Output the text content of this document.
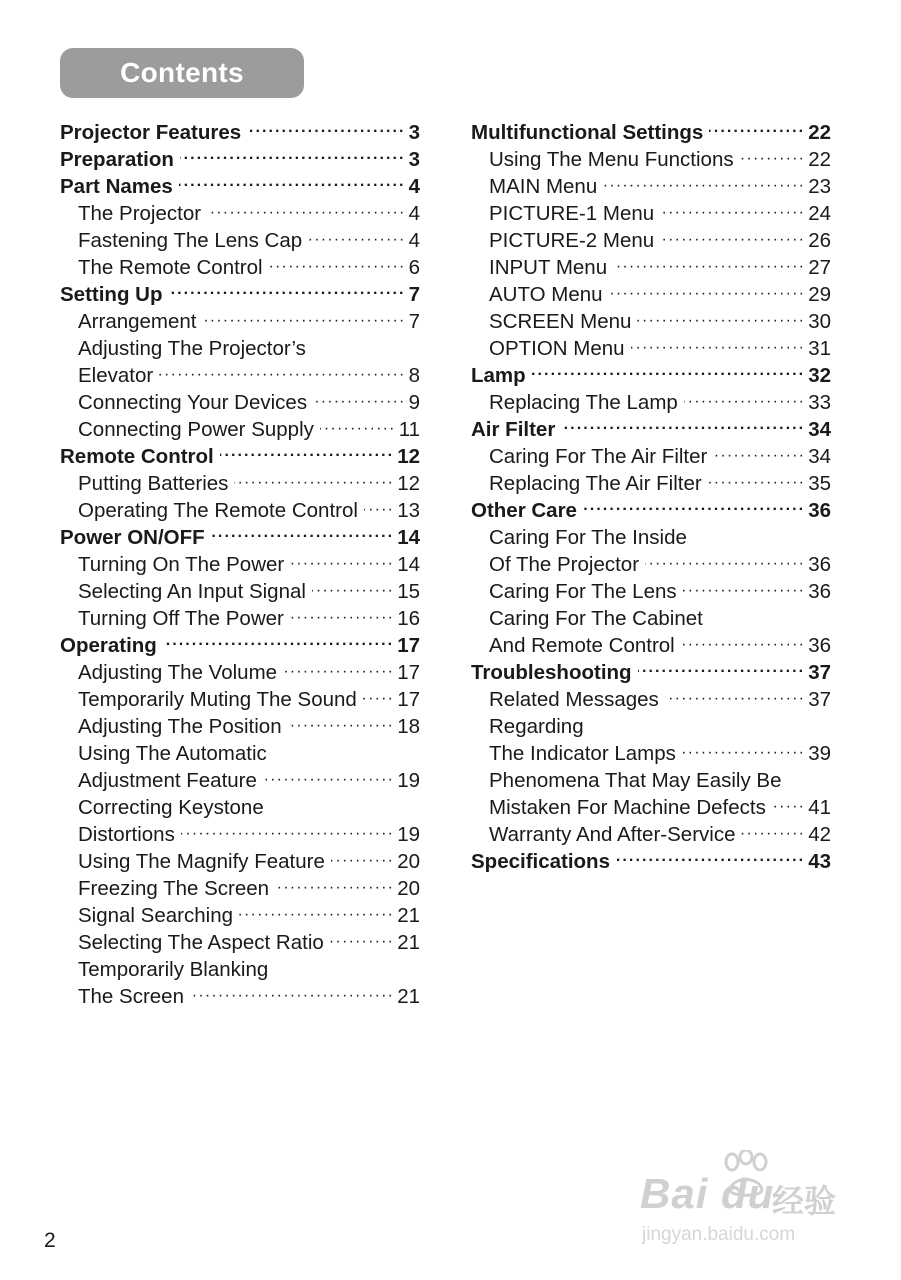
Contents
Projector Features ·····	3
Preparation ·····	3
Part Names ·····	4
The Projector ·····	4
Fastening The Lens Cap ·····	4
The Remote Control ·····	6
Setting Up ·····	7
Arrangement ·····	7
Adjusting The Projector’s
Elevator ·····	8
Connecting Your Devices ·····	9
Connecting Power Supply ·····	11
Remote Control ·····	12
Putting Batteries ·····	12
Operating The Remote Control ····· 13
Power ON/OFF ·····	14
Turning On The Power ·····	14
Selecting An Input Signal ·····	15
Turning Off The Power ·····	16
Operating ·····	17
Adjusting The Volume ·····	17
Temporarily Muting The Sound ····· 17
Adjusting The Position ·····	18
Using The Automatic
Adjustment Feature ·····	19
Correcting Keystone
Distortions ·····	19
Using The Magnify Feature ·····	20
Freezing The Screen ·····	20
Signal Searching ·····	21
Selecting The Aspect Ratio ·····	21
Temporarily Blanking
The Screen ·····	21
Multifunctional Settings ·····	22
Using The Menu Functions ·····	22
MAIN Menu ·····	23
PICTURE-1 Menu ·····	24
PICTURE-2 Menu ·····	26
INPUT Menu ·····	27
AUTO Menu ·····	29
SCREEN Menu ·····	30
OPTION Menu ·····	31
Lamp ·····	32
Replacing The Lamp ·····	33
Air Filter ·····	34
Caring For The Air Filter ·····	34
Replacing The Air Filter ·····	35
Other Care ·····	36
Caring For The Inside
Of The Projector ·····	36
Caring For The Lens ·····	36
Caring For The Cabinet
And Remote Control ·····	36
Troubleshooting ·····	37
Related Messages ·····	37
Regarding
The Indicator Lamps ·····	39
Phenomena That May Easily Be
Mistaken For Machine Defects ····· 41
Warranty And After-Service ·····	42
Specifications ·····	43
2
Bai du
经验
jingyan.baidu.com
